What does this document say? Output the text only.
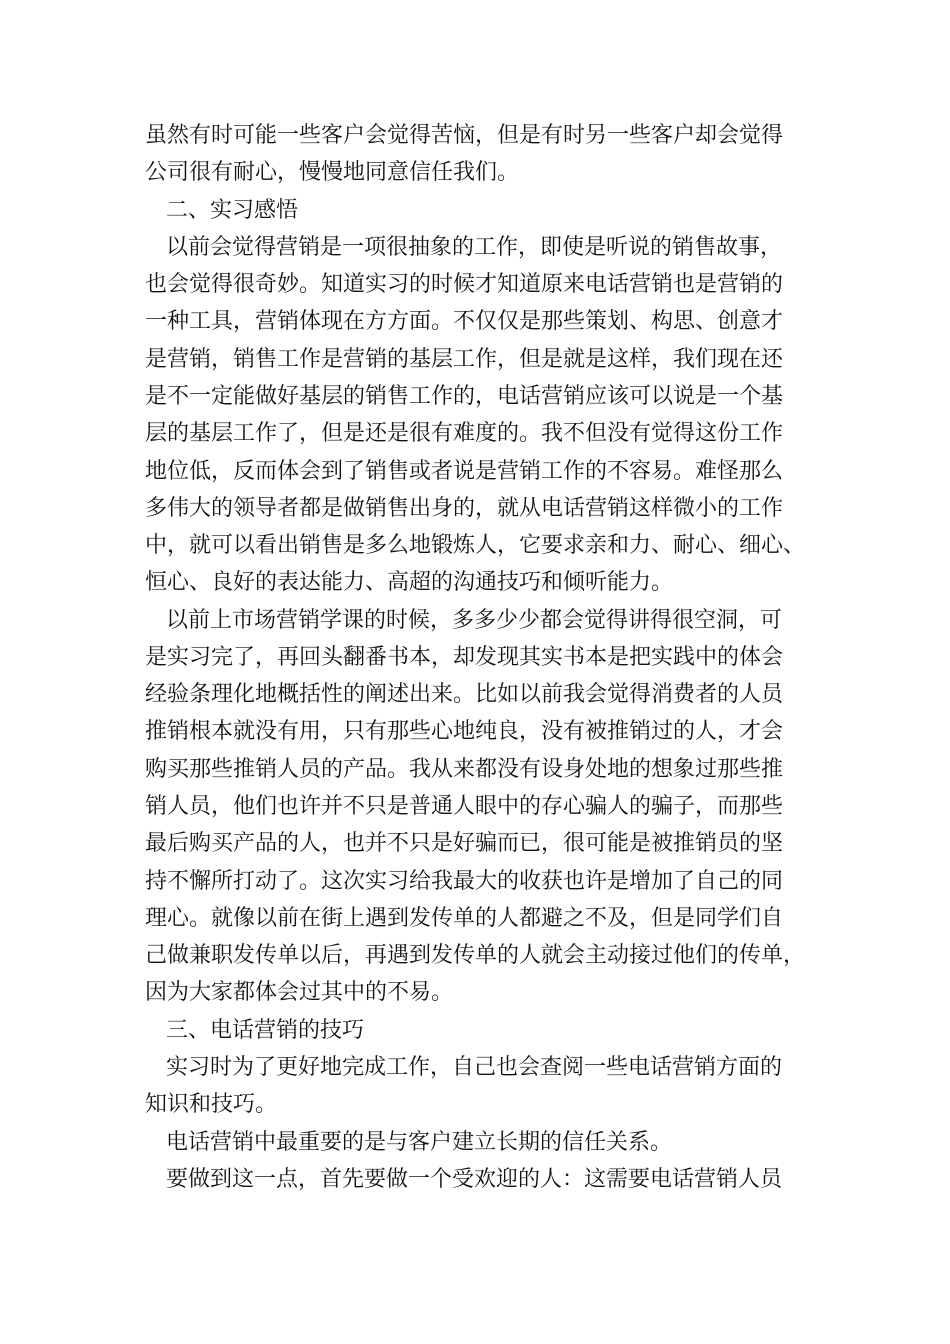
虽然有时可能一些客户会觉得苦恼，但是有时另一些客户却会觉得

公司很有耐心，慢慢地同意信任我们。

二、实习感悟

以前会觉得营销是一项很抽象的工作，即使是听说的销售故事，

也会觉得很奇妙。知道实习的时候才知道原来电话营销也是营销的

一种工具，营销体现在方方面。不仅仅是那些策划、构思、创意才

是营销，销售工作是营销的基层工作，但是就是这样，我们现在还

是不一定能做好基层的销售工作的，电话营销应该可以说是一个基

层的基层工作了，但是还是很有难度的。我不但没有觉得这份工作

地位低，反而体会到了销售或者说是营销工作的不容易。难怪那么

多伟大的领导者都是做销售出身的，就从电话营销这样微小的工作

中，就可以看出销售是多么地锻炼人，它要求亲和力、耐心、细心、

恒心、良好的表达能力、高超的沟通技巧和倾听能力。

以前上市场营销学课的时候，多多少少都会觉得讲得很空洞，可

是实习完了，再回头翻番书本，却发现其实书本是把实践中的体会

经验条理化地概括性的阐述出来。比如以前我会觉得消费者的人员

推销根本就没有用，只有那些心地纯良，没有被推销过的人，才会

购买那些推销人员的产品。我从来都没有设身处地的想象过那些推

销人员，他们也许并不只是普通人眼中的存心骗人的骗子，而那些

最后购买产品的人，也并不只是好骗而已，很可能是被推销员的坚

持不懈所打动了。这次实习给我最大的收获也许是增加了自己的同

理心。就像以前在街上遇到发传单的人都避之不及，但是同学们自

己做兼职发传单以后，再遇到发传单的人就会主动接过他们的传单，

因为大家都体会过其中的不易。

三、电话营销的技巧

实习时为了更好地完成工作，自己也会查阅一些电话营销方面的

知识和技巧。

电话营销中最重要的是与客户建立长期的信任关系。

要做到这一点，首先要做一个受欢迎的人：这需要电话营销人员
